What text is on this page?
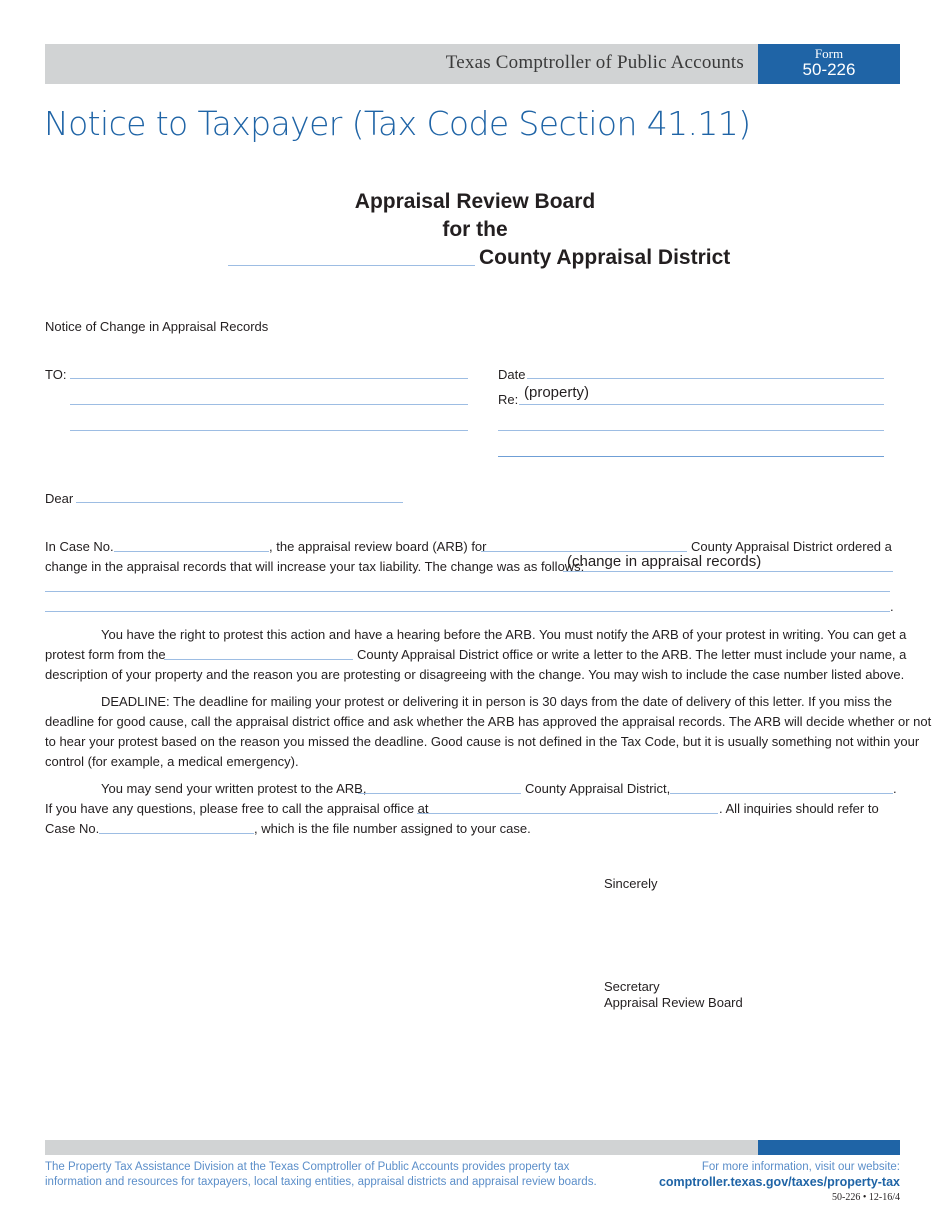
Texas Comptroller of Public Accounts	Form
50-226
Notice to Taxpayer (Tax Code Section 41.11)
Appraisal Review Board
for the
County Appraisal District
Notice of Change in Appraisal Records
TO:	Date
Re: (property)
Dear
In Case No.	, the appraisal review board (ARB) for	County Appraisal District ordered a
change in the appraisal records that will increase your tax liability. The change was as follows:
(change in appraisal records)
.
You have the right to protest this action and have a hearing before the ARB. You must notify the ARB of your protest in writing. You can get a
protest form from the	County Appraisal District office or write a letter to the ARB. The letter must include your name, a
description of your property and the reason you are protesting or disagreeing with the change. You may wish to include the case number listed above.
DEADLINE: The deadline for mailing your protest or delivering it in person is 30 days from the date of delivery of this letter. If you miss the
deadline for good cause, call the appraisal district office and ask whether the ARB has approved the appraisal records. The ARB will decide whether or not
to hear your protest based on the reason you missed the deadline. Good cause is not defined in the Tax Code, but it is usually something not within your
control (for example, a medical emergency).
You may send your written protest to the ARB,	County Appraisal District,	.
If you have any questions, please free to call the appraisal office at	. All inquiries should refer to
Case No.	, which is the file number assigned to your case.
Sincerely
Secretary
Appraisal Review Board
The Property Tax Assistance Division at the Texas Comptroller of Public Accounts provides property tax
information and resources for taxpayers, local taxing entities, appraisal districts and appraisal review boards.
For more information, visit our website:
comptroller.texas.gov/taxes/property-tax
50-226 • 12-16/4
